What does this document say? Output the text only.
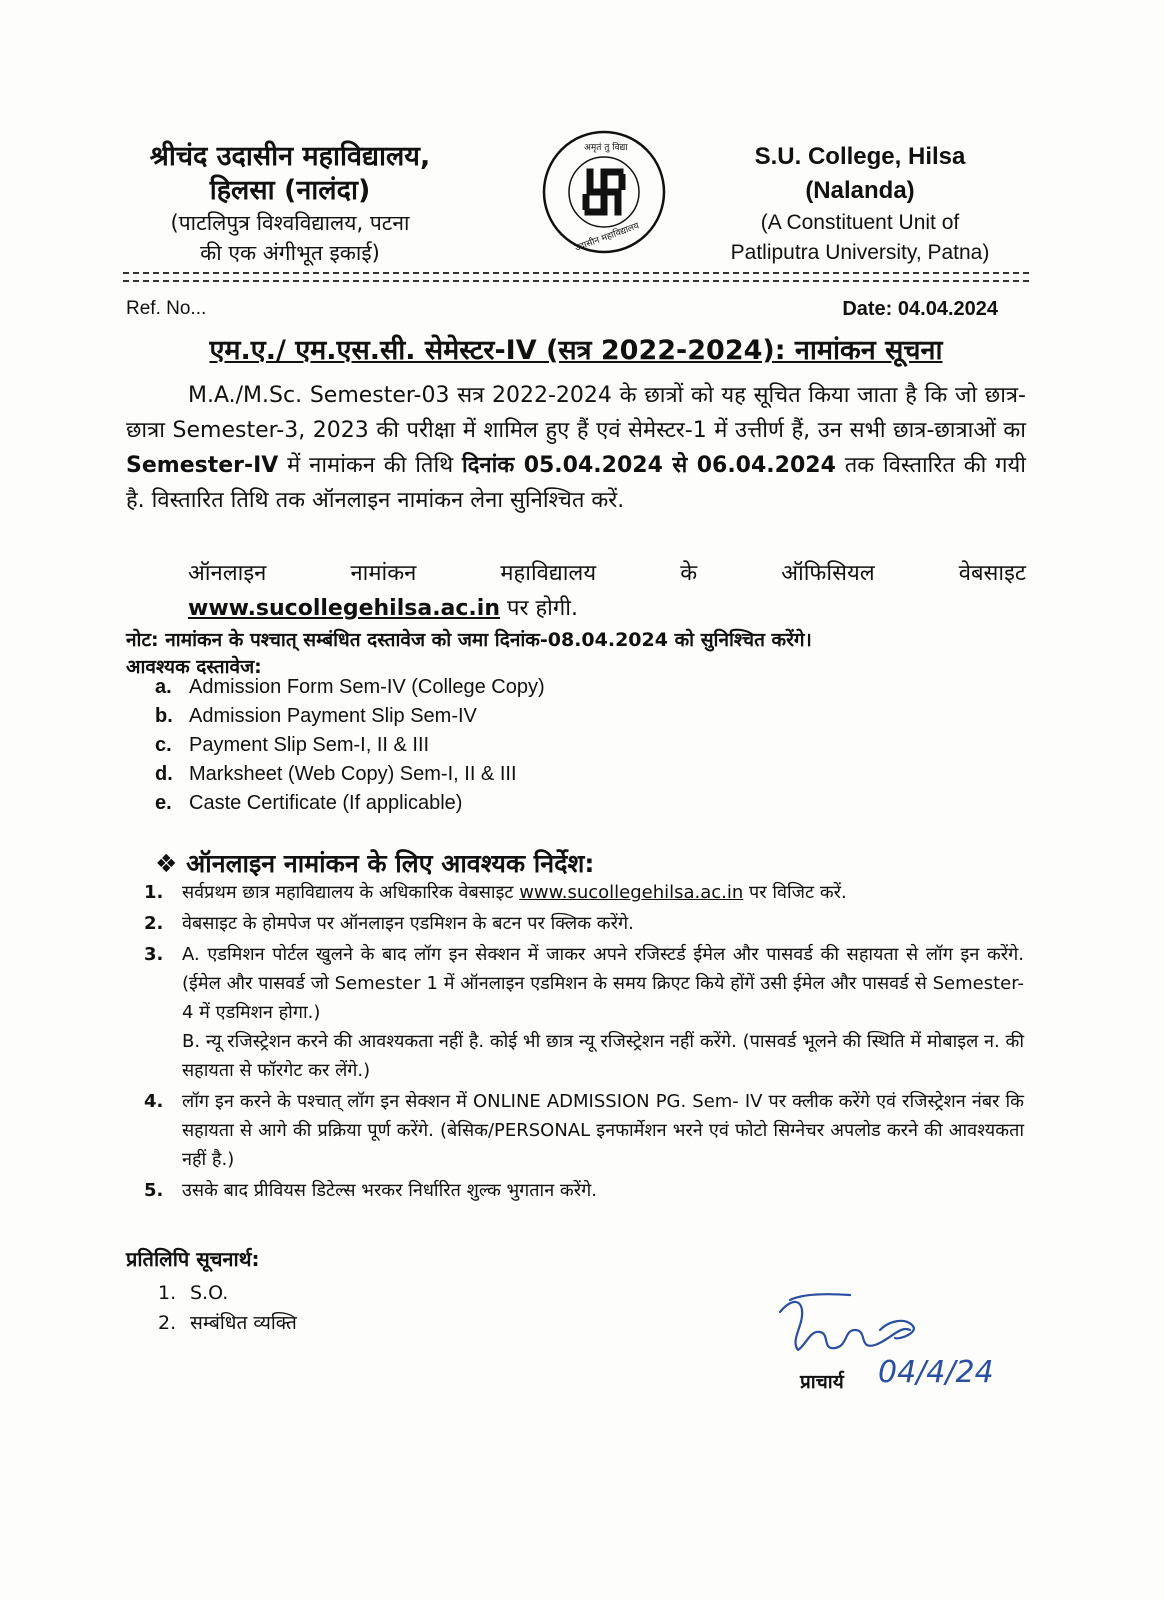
श्रीचंद उदासीन महाविद्यालय,
हिलसा (नालंदा)
(पाटलिपुत्र विश्वविद्यालय, पटना
की एक अंगीभूत इकाई)
अमृतं तु विद्या
उदासीन महाविद्यालय
S.U. College, Hilsa
(Nalanda)
(A Constituent Unit of
Patliputra University, Patna)
Ref. No...	Date: 04.04.2024
एम.ए./ एम.एस.सी. सेमेस्टर-IV (सत्र 2022-2024): नामांकन सूचना
M.A./M.Sc. Semester-03 सत्र 2022-2024 के छात्रों को यह सूचित किया जाता है कि जो छात्र-छात्रा Semester-3, 2023 की परीक्षा में शामिल हुए हैं एवं सेमेस्टर-1 में उत्तीर्ण हैं, उन सभी छात्र-छात्राओं का Semester-IV में नामांकन की तिथि दिनांक 05.04.2024 से 06.04.2024 तक विस्तारित की गयी है. विस्तारित तिथि तक ऑनलाइन नामांकन लेना सुनिश्चित करें.
ऑनलाइन	नामांकन	महाविद्यालय	के	ऑफिसियल	वेबसाइट
www.sucollegehilsa.ac.in पर होगी.
नोट: नामांकन के पश्चात् सम्बंधित दस्तावेज को जमा दिनांक-08.04.2024 को सुनिश्चित करेंगे।
आवश्यक दस्तावेज:
a. Admission Form Sem-IV (College Copy)
b. Admission Payment Slip Sem-IV
c. Payment Slip Sem-I, II & III
d. Marksheet (Web Copy) Sem-I, II & III
e. Caste Certificate (If applicable)
❖ ऑनलाइन नामांकन के लिए आवश्यक निर्देश:
1.	सर्वप्रथम छात्र महाविद्यालय के अधिकारिक वेबसाइट www.sucollegehilsa.ac.in पर विजिट करें.
2.	वेबसाइट के होमपेज पर ऑनलाइन एडमिशन के बटन पर क्लिक करेंगे.
3.	A. एडमिशन पोर्टल खुलने के बाद लॉग इन सेक्शन में जाकर अपने रजिस्टर्ड ईमेल और पासवर्ड की सहायता से लॉग इन करेंगे. (ईमेल और पासवर्ड जो Semester 1 में ऑनलाइन एडमिशन के समय क्रिएट किये होंगें उसी ईमेल और पासवर्ड से Semester-4 में एडमिशन होगा.)
B. न्यू रजिस्ट्रेशन करने की आवश्यकता नहीं है. कोई भी छात्र न्यू रजिस्ट्रेशन नहीं करेंगे. (पासवर्ड भूलने की स्थिति में मोबाइल न. की सहायता से फॉरगेट कर लेंगे.)
4.	लॉग इन करने के पश्चात् लॉग इन सेक्शन में ONLINE ADMISSION PG. Sem- IV पर क्लीक करेंगे एवं रजिस्ट्रेशन नंबर कि सहायता से आगे की प्रक्रिया पूर्ण करेंगे. (बेसिक/PERSONAL इनफार्मेशन भरने एवं फोटो सिग्नेचर अपलोड करने की आवश्यकता नहीं है.)
5.	उसके बाद प्रीवियस डिटेल्स भरकर निर्धारित शुल्क भुगतान करेंगे.
प्रतिलिपि सूचनार्थ:
1. S.O.
2. सम्बंधित व्यक्ति
04/4/24
प्राचार्य
